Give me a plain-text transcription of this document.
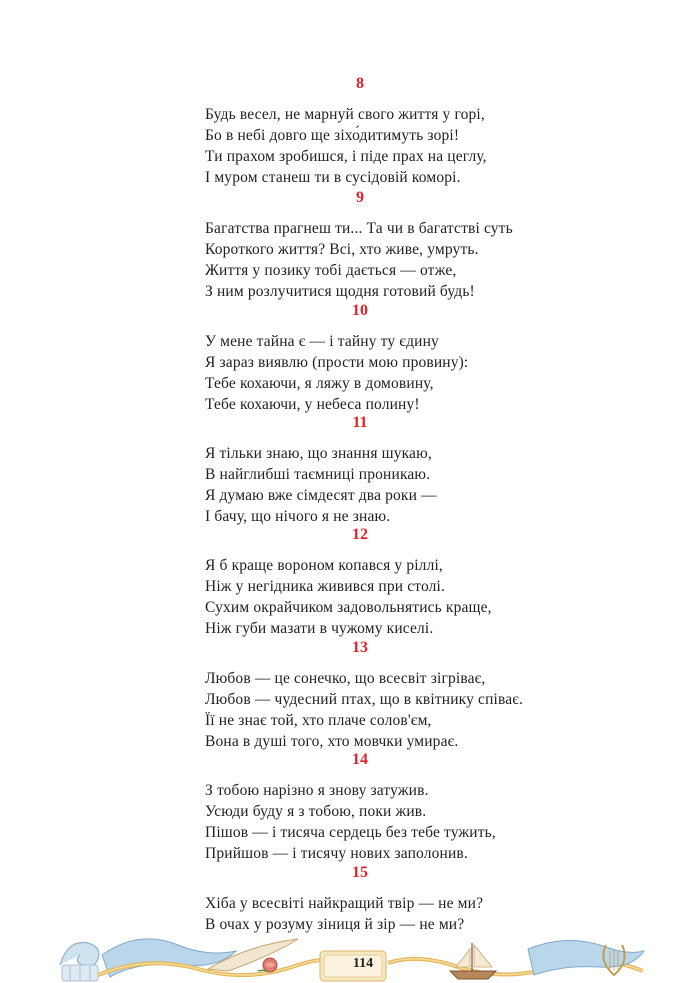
8
Будь весел, не марнуй свого життя у горі,
Бо в небі довго ще зіхо́дитимуть зорі!
Ти прахом зробишся, і піде прах на цеглу,
І муром станеш ти в сусідовій коморі.
9
Багатства прагнеш ти... Та чи в багатстві суть
Короткого життя? Всі, хто живе, умруть.
Життя у позику тобі дається — отже,
З ним розлучитися щодня готовий будь!
10
У мене тайна є — і тайну ту єдину
Я зараз виявлю (прости мою провину):
Тебе кохаючи, я ляжу в домовину,
Тебе кохаючи, у небеса полину!
11
Я тільки знаю, що знання шукаю,
В найглибші таємниці проникаю.
Я думаю вже сімдесят два роки —
І бачу, що нічого я не знаю.
12
Я б краще вороном копався у ріллі,
Ніж у негідника живився при столі.
Сухим окрайчиком задовольнятись краще,
Ніж губи мазати в чужому киселі.
13
Любов — це сонечко, що всесвіт зігріває,
Любов — чудесний птах, що в квітнику співає.
Її не знає той, хто плаче солов'єм,
Вона в душі того, хто мовчки умирає.
14
З тобою нарізно я знову затужив.
Усюди буду я з тобою, поки жив.
Пішов — і тисяча сердець без тебе тужить,
Прийшов — і тисячу нових заполонив.
15
Хіба у всесвіті найкращий твір — не ми?
В очах у розуму зіниця й зір — не ми?
114
